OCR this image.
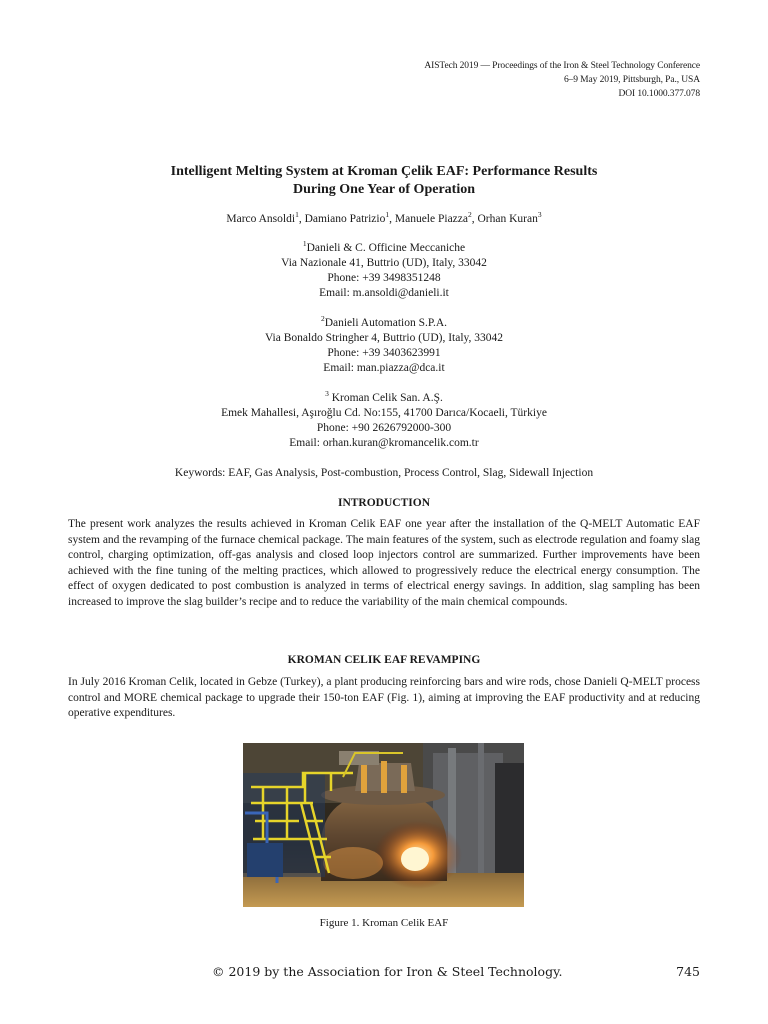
AISTech 2019 — Proceedings of the Iron & Steel Technology Conference
6–9 May 2019, Pittsburgh, Pa., USA
DOI 10.1000.377.078
Intelligent Melting System at Kroman Çelik EAF: Performance Results
During One Year of Operation
Marco Ansoldi$^1$, Damiano Patrizio$^1$, Manuele Piazza$^2$, Orhan Kuran$^3$
$^1$Danieli & C. Officine Meccaniche
Via Nazionale 41, Buttrio (UD), Italy, 33042
Phone: +39 3498351248
Email: m.ansoldi@danieli.it
$^2$Danieli Automation S.P.A.
Via Bonaldo Stringher 4, Buttrio (UD), Italy, 33042
Phone: +39 3403623991
Email: man.piazza@dca.it
$^3$ Kroman Celik San. A.Ş.
Emek Mahallesi, Aşıroğlu Cd. No:155, 41700 Darıca/Kocaeli, Türkiye
Phone: +90 2626792000-300
Email: orhan.kuran@kromancelik.com.tr
Keywords: EAF, Gas Analysis, Post-combustion, Process Control, Slag, Sidewall Injection
INTRODUCTION

The present work analyzes the results achieved in Kroman Celik EAF one year after the installation of the Q-MELT Automatic EAF system and the revamping of the furnace chemical package. The main features of the system, such as electrode regulation and foamy slag control, charging optimization, off-gas analysis and closed loop injectors control are summarized. Further improvements have been achieved with the fine tuning of the melting practices, which allowed to progressively reduce the electrical energy consumption. The effect of oxygen dedicated to post combustion is analyzed in terms of electrical energy savings. In addition, slag sampling has been increased to improve the slag builder’s recipe and to reduce the variability of the main chemical compounds.

KROMAN CELIK EAF REVAMPING

In July 2016 Kroman Celik, located in Gebze (Turkey), a plant producing reinforcing bars and wire rods, chose Danieli Q-MELT process control and MORE chemical package to upgrade their 150-ton EAF (Fig. 1), aiming at improving the EAF productivity and at reducing operative expenditures.

Figure 1. Kroman Celik EAF
© 2019 by the Association for Iron & Steel Technology.	745
